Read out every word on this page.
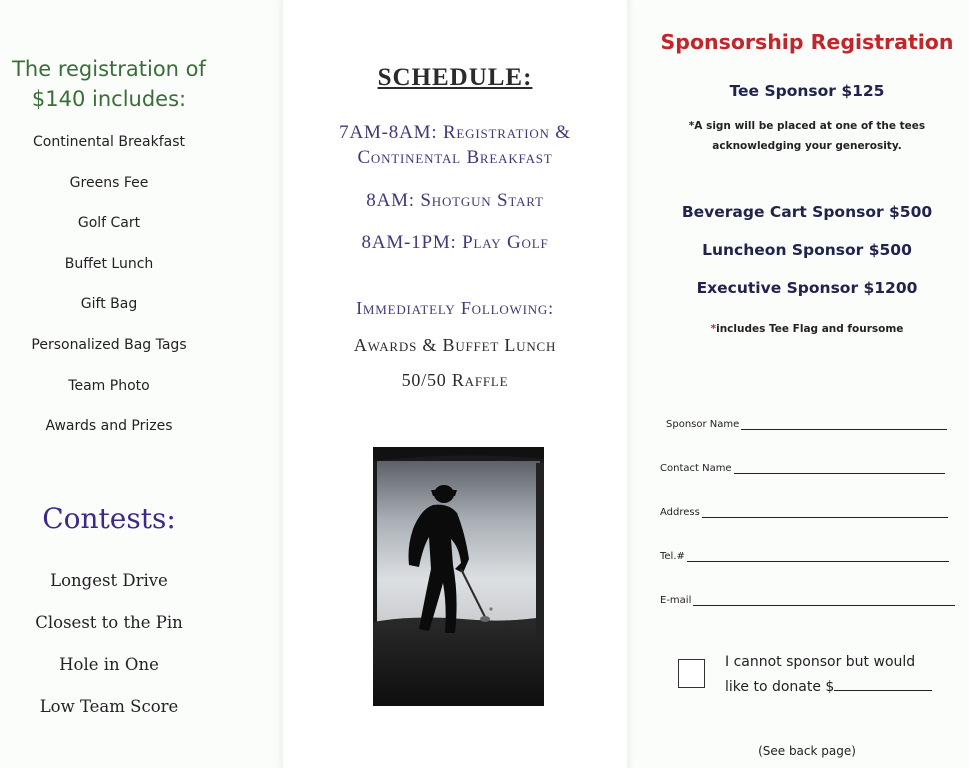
The registration of
$140 includes:
Continental Breakfast
Greens Fee
Golf Cart
Buffet Lunch
Gift Bag
Personalized Bag Tags
Team Photo
Awards and Prizes
Contests:
Longest Drive
Closest to the Pin
Hole in One
Low Team Score
SCHEDULE:
7AM-8AM: Registration &
Continental Breakfast
8AM: Shotgun Start
8AM-1PM: Play Golf
Immediately Following:
Awards & Buffet Lunch
50/50 Raffle
Sponsorship Registration
Tee Sponsor $125
*A sign will be placed at one of the tees
acknowledging your generosity.
Beverage Cart Sponsor $500
Luncheon Sponsor $500
Executive Sponsor $1200
*includes Tee Flag and foursome
Sponsor Name
Contact Name
Address
Tel.#
E-mail
I cannot sponsor but would
like to donate $
(See back page)
